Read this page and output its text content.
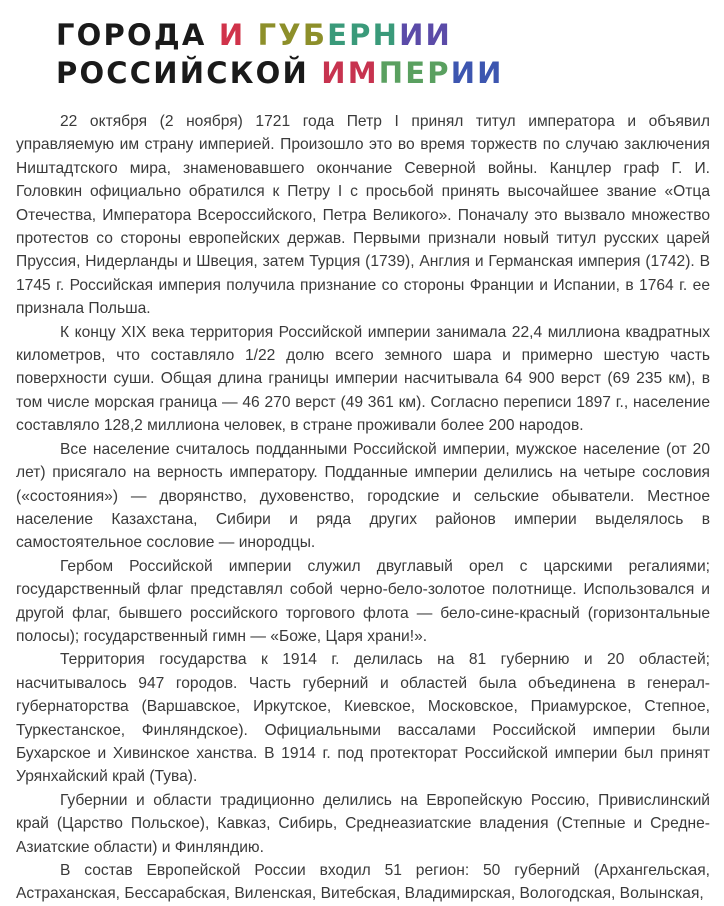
ГОРОДА И ГУБЕРНИИ
РОССИЙСКОЙ ИМПЕРИИ

22 октября (2 ноября) 1721 года Петр I принял титул императора и объявил управляемую им страну империей. Произошло это во время торжеств по случаю заключения Ништадтского мира, знаменовавшего окончание Северной войны. Канцлер граф Г. И. Головкин официально обратился к Петру I с просьбой принять высочайшее звание «Отца Отечества, Императора Всероссийского, Петра Великого». Поначалу это вызвало множество протестов со стороны европейских держав. Первыми признали новый титул русских царей Пруссия, Нидерланды и Швеция, затем Турция (1739), Англия и Германская империя (1742). В 1745 г. Российская империя получила признание со стороны Франции и Испании, в 1764 г. ее признала Польша.

К концу XIX века территория Российской империи занимала 22,4 миллиона квадратных километров, что составляло 1/22 долю всего земного шара и примерно шестую часть поверхности суши. Общая длина границы империи насчитывала 64 900 верст (69 235 км), в том числе морская граница — 46 270 верст (49 361 км). Согласно переписи 1897 г., население составляло 128,2 миллиона человек, в стране проживали более 200 народов.

Все население считалось подданными Российской империи, мужское население (от 20 лет) присягало на верность императору. Подданные империи делились на четыре сословия («состояния») — дворянство, духовенство, городские и сельские обыватели. Местное население Казахстана, Сибири и ряда других районов империи выделялось в самостоятельное сословие — инородцы.

Гербом Российской империи служил двуглавый орел с царскими регалиями; государственный флаг представлял собой черно-бело-золотое полотнище. Использовался и другой флаг, бывшего российского торгового флота — бело-сине-красный (горизонтальные полосы); государственный гимн — «Боже, Царя храни!».

Территория государства к 1914 г. делилась на 81 губернию и 20 областей; насчитывалось 947 городов. Часть губерний и областей была объединена в генерал-губернаторства (Варшавское, Иркутское, Киевское, Московское, Приамурское, Степное, Туркестанское, Финляндское). Официальными вассалами Российской империи были Бухарское и Хивинское ханства. В 1914 г. под протекторат Российской империи был принят Урянхайский край (Тува).

Губернии и области традиционно делились на Европейскую Россию, Привислинский край (Царство Польское), Кавказ, Сибирь, Среднеазиатские владения (Степные и Средне-Азиатские области) и Финляндию.

В состав Европейской России входил 51 регион: 50 губерний (Архангельская, Астраханская, Бессарабская, Виленская, Витебская, Владимирская, Вологодская, Волынская,
